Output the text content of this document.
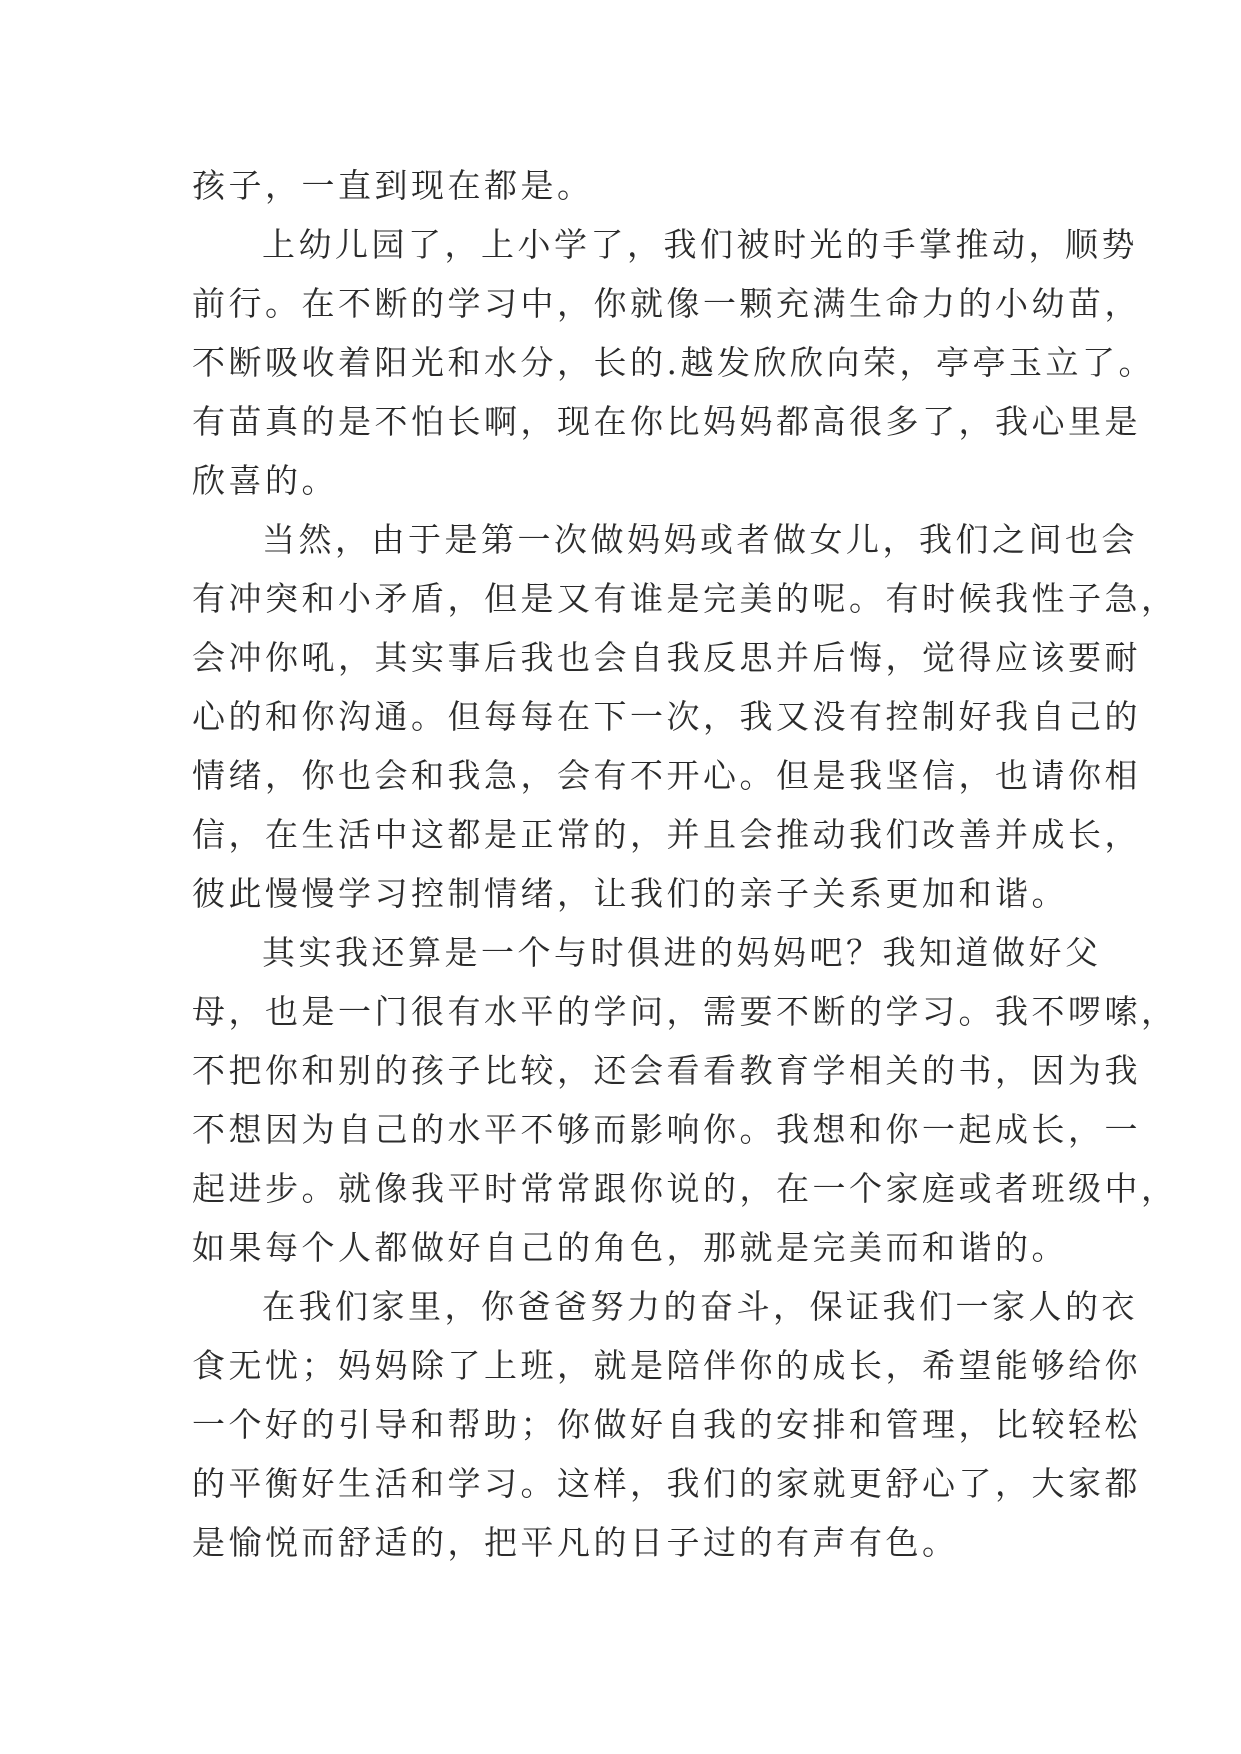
孩子，一直到现在都是。

上幼儿园了，上小学了，我们被时光的手掌推动，顺势
前行。在不断的学习中，你就像一颗充满生命力的小幼苗，
不断吸收着阳光和水分，长的.越发欣欣向荣，亭亭玉立了。
有苗真的是不怕长啊，现在你比妈妈都高很多了，我心里是
欣喜的。

当然，由于是第一次做妈妈或者做女儿，我们之间也会
有冲突和小矛盾，但是又有谁是完美的呢。有时候我性子急，
会冲你吼，其实事后我也会自我反思并后悔，觉得应该要耐
心的和你沟通。但每每在下一次，我又没有控制好我自己的
情绪，你也会和我急，会有不开心。但是我坚信，也请你相
信，在生活中这都是正常的，并且会推动我们改善并成长，
彼此慢慢学习控制情绪，让我们的亲子关系更加和谐。

其实我还算是一个与时俱进的妈妈吧？我知道做好父
母，也是一门很有水平的学问，需要不断的学习。我不啰嗦，
不把你和别的孩子比较，还会看看教育学相关的书，因为我
不想因为自己的水平不够而影响你。我想和你一起成长，一
起进步。就像我平时常常跟你说的，在一个家庭或者班级中，
如果每个人都做好自己的角色，那就是完美而和谐的。

在我们家里，你爸爸努力的奋斗，保证我们一家人的衣
食无忧；妈妈除了上班，就是陪伴你的成长，希望能够给你
一个好的引导和帮助；你做好自我的安排和管理，比较轻松
的平衡好生活和学习。这样，我们的家就更舒心了，大家都
是愉悦而舒适的，把平凡的日子过的有声有色。
